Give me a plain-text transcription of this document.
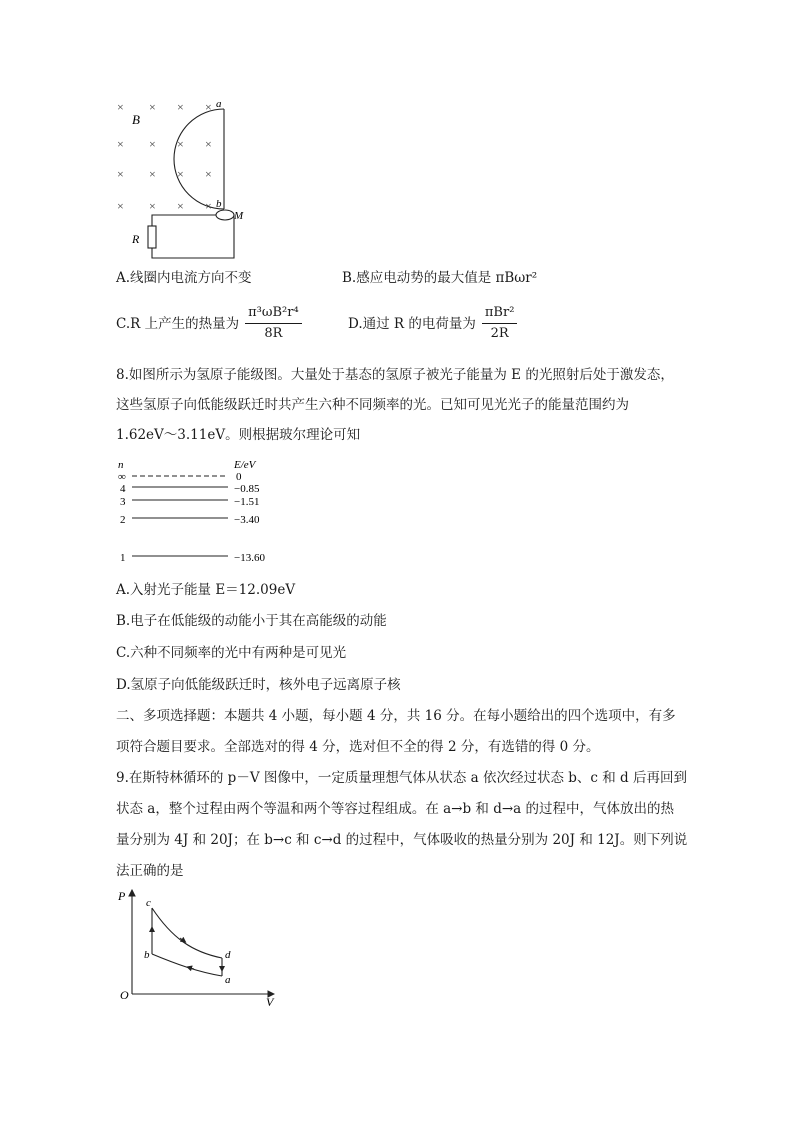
× × × ×
× ×
× ×
× × × ×
× × × ×
B
a
b
M
R
A.线圈内电流方向不变	B.感应电动势的最大值是 πBωr²
C.R 上产生的热量为 $\frac{\text{π³ωB²r⁴}}{8R}$	D.通过 R 的电荷量为 $\frac{\text{πBr²}}{2R}$
8.如图所示为氢原子能级图。大量处于基态的氢原子被光子能量为 E 的光照射后处于激发态，
这些氢原子向低能级跃迁时共产生六种不同频率的光。已知可见光光子的能量范围约为
1.62eV～3.11eV。则根据玻尔理论可知
n	E/eV
∞	0
4	−0.85
3	−1.51
2	−3.40
1	−13.60
A.入射光子能量 E＝12.09eV
B.电子在低能级的动能小于其在高能级的动能
C.六种不同频率的光中有两种是可见光
D.氢原子向低能级跃迁时，核外电子远离原子核
二、多项选择题：本题共 4 小题，每小题 4 分，共 16 分。在每小题给出的四个选项中，有多
项符合题目要求。全部选对的得 4 分，选对但不全的得 2 分，有选错的得 0 分。
9.在斯特林循环的 p－V 图像中，一定质量理想气体从状态 a 依次经过状态 b、c 和 d 后再回到
状态 a，整个过程由两个等温和两个等容过程组成。在 a→b 和 d→a 的过程中，气体放出的热
量分别为 4J 和 20J；在 b→c 和 c→d 的过程中，气体吸收的热量分别为 20J 和 12J。则下列说
法正确的是
P
V
O
c
b	d
a
